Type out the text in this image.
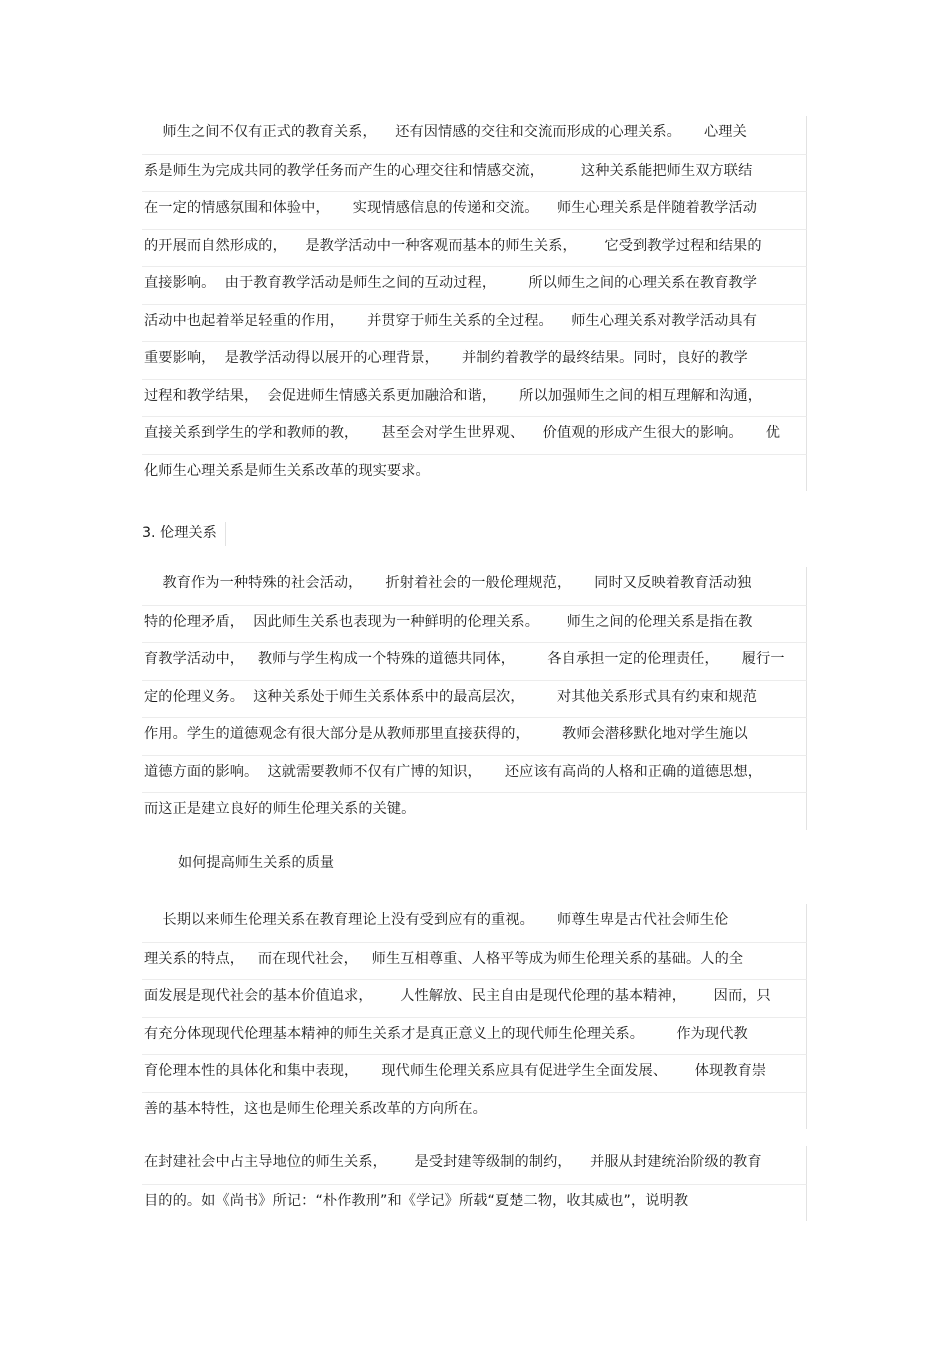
师生之间不仅有正式的教育关系，    还有因情感的交往和交流而形成的心理关系。     心理关
系是师生为完成共同的教学任务而产生的心理交往和情感交流，        这种关系能把师生双方联结
在一定的情感氛围和体验中，     实现情感信息的传递和交流。    师生心理关系是伴随着教学活动
的开展而自然形成的，    是教学活动中一种客观而基本的师生关系，      它受到教学过程和结果的
直接影响。  由于教育教学活动是师生之间的互动过程，       所以师生之间的心理关系在教育教学
活动中也起着举足轻重的作用，     并贯穿于师生关系的全过程。    师生心理关系对教学活动具有
重要影响，  是教学活动得以展开的心理背景，     并制约着教学的最终结果。同时，良好的教学
过程和教学结果，  会促进师生情感关系更加融洽和谐，     所以加强师生之间的相互理解和沟通，
直接关系到学生的学和教师的教，     甚至会对学生世界观、    价值观的形成产生很大的影响。     优
化师生心理关系是师生关系改革的现实要求。
3. 伦理关系
教育作为一种特殊的社会活动，     折射着社会的一般伦理规范，     同时又反映着教育活动独
特的伦理矛盾，  因此师生关系也表现为一种鲜明的伦理关系。      师生之间的伦理关系是指在教
育教学活动中，   教师与学生构成一个特殊的道德共同体，       各自承担一定的伦理责任，     履行一
定的伦理义务。  这种关系处于师生关系体系中的最高层次，       对其他关系形式具有约束和规范
作用。学生的道德观念有很大部分是从教师那里直接获得的，       教师会潜移默化地对学生施以
道德方面的影响。  这就需要教师不仅有广博的知识，     还应该有高尚的人格和正确的道德思想，
而这正是建立良好的师生伦理关系的关键。
如何提高师生关系的质量
长期以来师生伦理关系在教育理论上没有受到应有的重视。     师尊生卑是古代社会师生伦
理关系的特点，   而在现代社会，   师生互相尊重、人格平等成为师生伦理关系的基础。人的全
面发展是现代社会的基本价值追求，      人性解放、民主自由是现代伦理的基本精神，      因而，只
有充分体现现代伦理基本精神的师生关系才是真正意义上的现代师生伦理关系。       作为现代教
育伦理本性的具体化和集中表现，     现代师生伦理关系应具有促进学生全面发展、      体现教育崇
善的基本特性，这也是师生伦理关系改革的方向所在。
在封建社会中占主导地位的师生关系，      是受封建等级制的制约，    并服从封建统治阶级的教育
目的的。如《尚书》所记：“朴作教刑”和《学记》所载“夏楚二物，收其威也”，说明教
